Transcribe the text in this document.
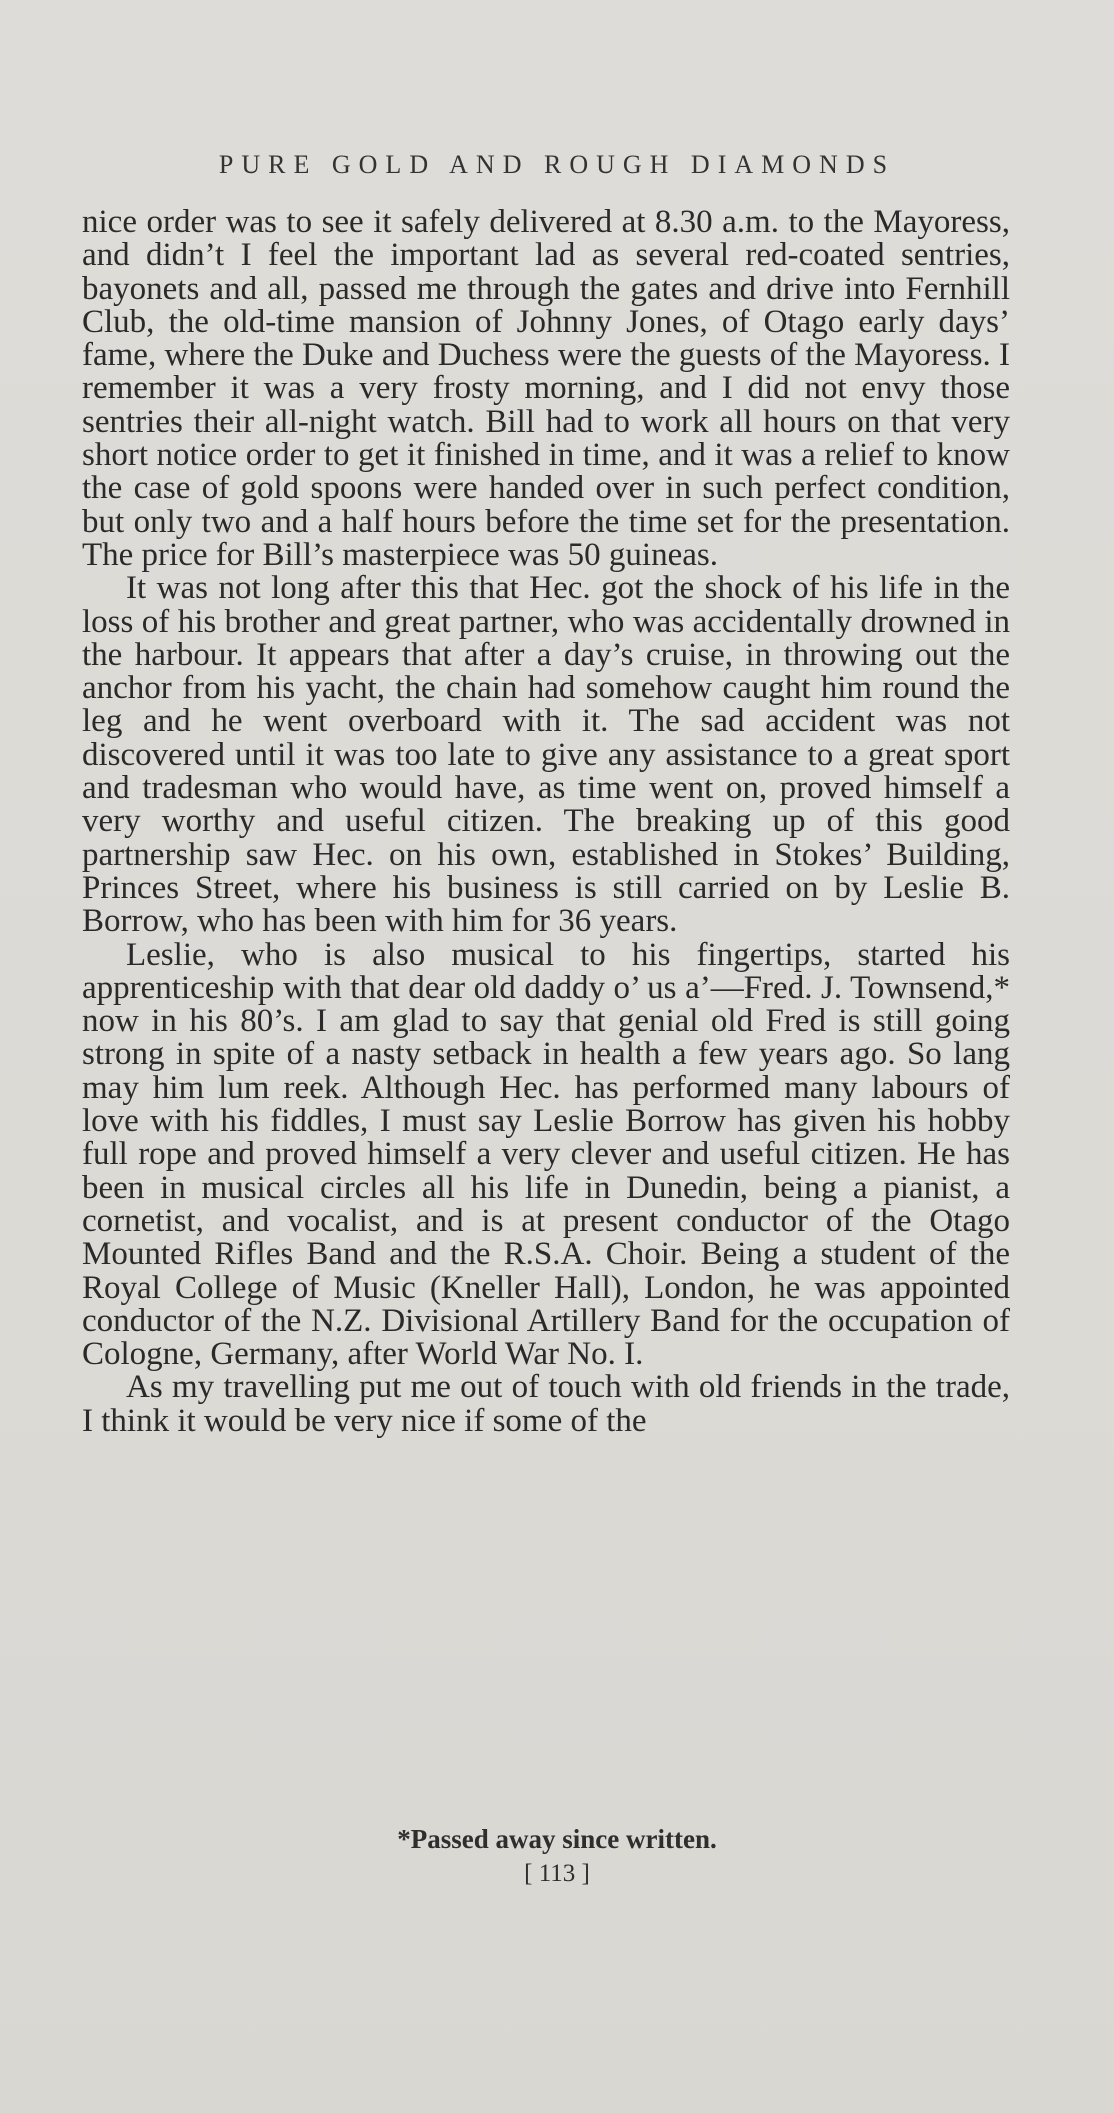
PURE GOLD AND ROUGH DIAMONDS

nice order was to see it safely delivered at 8.30 a.m. to the Mayoress, and didn’t I feel the important lad as several red-coated sentries, bayonets and all, passed me through the gates and drive into Fernhill Club, the old-time mansion of Johnny Jones, of Otago early days’ fame, where the Duke and Duchess were the guests of the Mayoress. I remember it was a very frosty morning, and I did not envy those sentries their all-night watch. Bill had to work all hours on that very short notice order to get it finished in time, and it was a relief to know the case of gold spoons were handed over in such perfect condition, but only two and a half hours before the time set for the presentation. The price for Bill’s masterpiece was 50 guineas.

It was not long after this that Hec. got the shock of his life in the loss of his brother and great partner, who was accidentally drowned in the harbour. It appears that after a day’s cruise, in throwing out the anchor from his yacht, the chain had somehow caught him round the leg and he went overboard with it. The sad accident was not discovered until it was too late to give any assistance to a great sport and tradesman who would have, as time went on, proved himself a very worthy and useful citizen. The breaking up of this good partnership saw Hec. on his own, established in Stokes’ Building, Princes Street, where his business is still carried on by Leslie B. Borrow, who has been with him for 36 years.

Leslie, who is also musical to his fingertips, started his apprenticeship with that dear old daddy o’ us a’—Fred. J. Townsend,* now in his 80’s. I am glad to say that genial old Fred is still going strong in spite of a nasty setback in health a few years ago. So lang may him lum reek. Although Hec. has performed many labours of love with his fiddles, I must say Leslie Borrow has given his hobby full rope and proved himself a very clever and useful citizen. He has been in musical circles all his life in Dunedin, being a pianist, a cornetist, and vocalist, and is at present conductor of the Otago Mounted Rifles Band and the R.S.A. Choir. Being a student of the Royal College of Music (Kneller Hall), London, he was appointed conductor of the N.Z. Divisional Artillery Band for the occupation of Cologne, Germany, after World War No. I.

As my travelling put me out of touch with old friends in the trade, I think it would be very nice if some of the

*Passed away since written.
[ 113 ]
